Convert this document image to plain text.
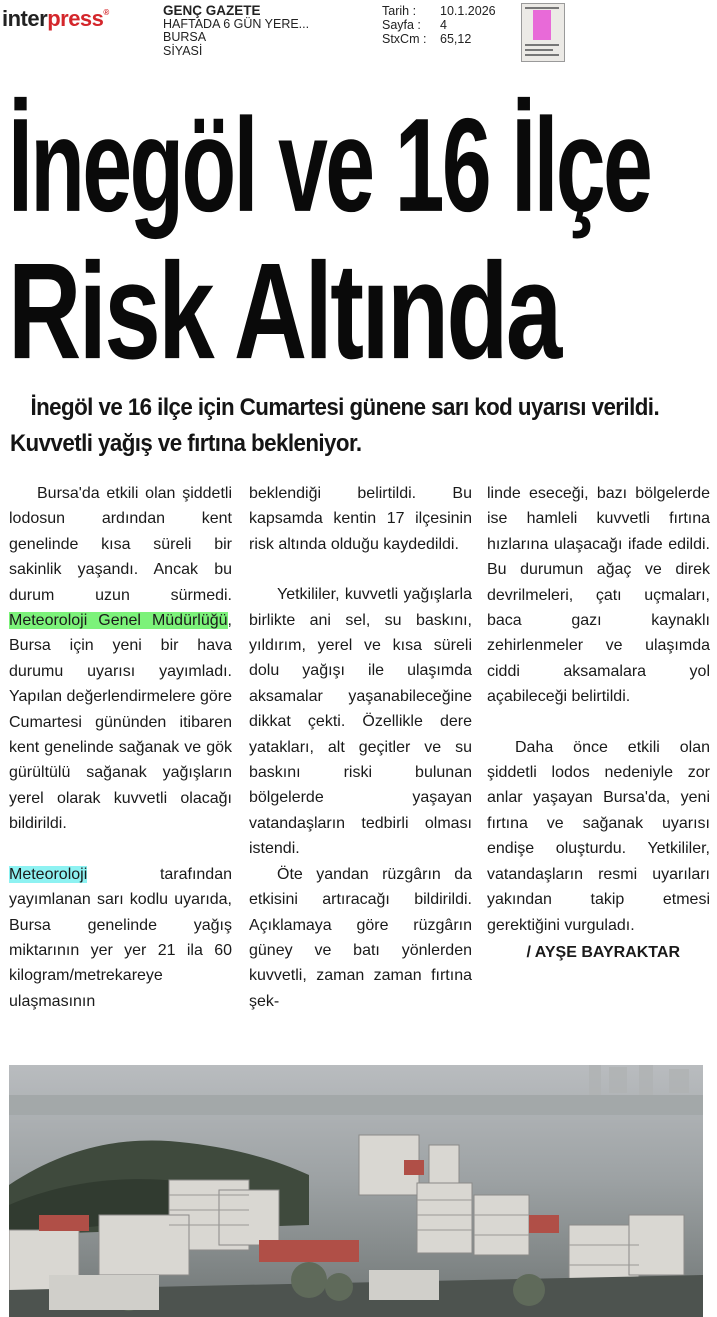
interpress®	GENÇ GAZETE
HAFTADA 6 GÜN YERE...
BURSA
SİYASİ
Tarih :	10.1.2026
Sayfa :	4
StxCm :	65,12
İnegöl ve 16 İlçe
Risk Altında
İnegöl ve 16 ilçe için Cumartesi günene sarı kod uyarısı verildi.
Kuvvetli yağış ve fırtına bekleniyor.

Bursa'da etkili olan şiddetli lodosun ardından kent genelinde kısa süreli bir sakinlik yaşandı. Ancak bu durum uzun sürmedi. Meteoroloji Genel Müdürlüğü, Bursa için yeni bir hava durumu uyarısı yayımladı. Yapılan değerlendirmelere göre Cumartesi gününden itibaren kent genelinde sağanak ve gök gürültülü sağanak yağışların yerel olarak kuvvetli olacağı bildirildi.

Meteoroloji tarafından yayımlanan sarı kodlu uyarıda, Bursa genelinde yağış miktarının yer yer 21 ila 60 kilogram/metrekareye ulaşmasının

beklendiği belirtildi. Bu kapsamda kentin 17 ilçesinin risk altında olduğu kaydedildi.

Yetkililer, kuvvetli yağışlarla birlikte ani sel, su baskını, yıldırım, yerel ve kısa süreli dolu yağışı ile ulaşımda aksamalar yaşanabileceğine dikkat çekti. Özellikle dere yatakları, alt geçitler ve su baskını riski bulunan bölgelerde yaşayan vatandaşların tedbirli olması istendi.

Öte yandan rüzgârın da etkisini artıracağı bildirildi. Açıklamaya göre rüzgârın güney ve batı yönlerden kuvvetli, zaman zaman fırtına şek-

linde eseceği, bazı bölgelerde ise hamleli kuvvetli fırtına hızlarına ulaşacağı ifade edildi. Bu durumun ağaç ve direk devrilmeleri, çatı uçmaları, baca gazı kaynaklı zehirlenmeler ve ulaşımda ciddi aksamalara yol açabileceği belirtildi.

Daha önce etkili olan şiddetli lodos nedeniyle zor anlar yaşayan Bursa'da, yeni fırtına ve sağanak uyarısı endişe oluşturdu. Yetkililer, vatandaşların resmi uyarıları yakından takip etmesi gerektiğini vurguladı.

/ AYŞE BAYRAKTAR
